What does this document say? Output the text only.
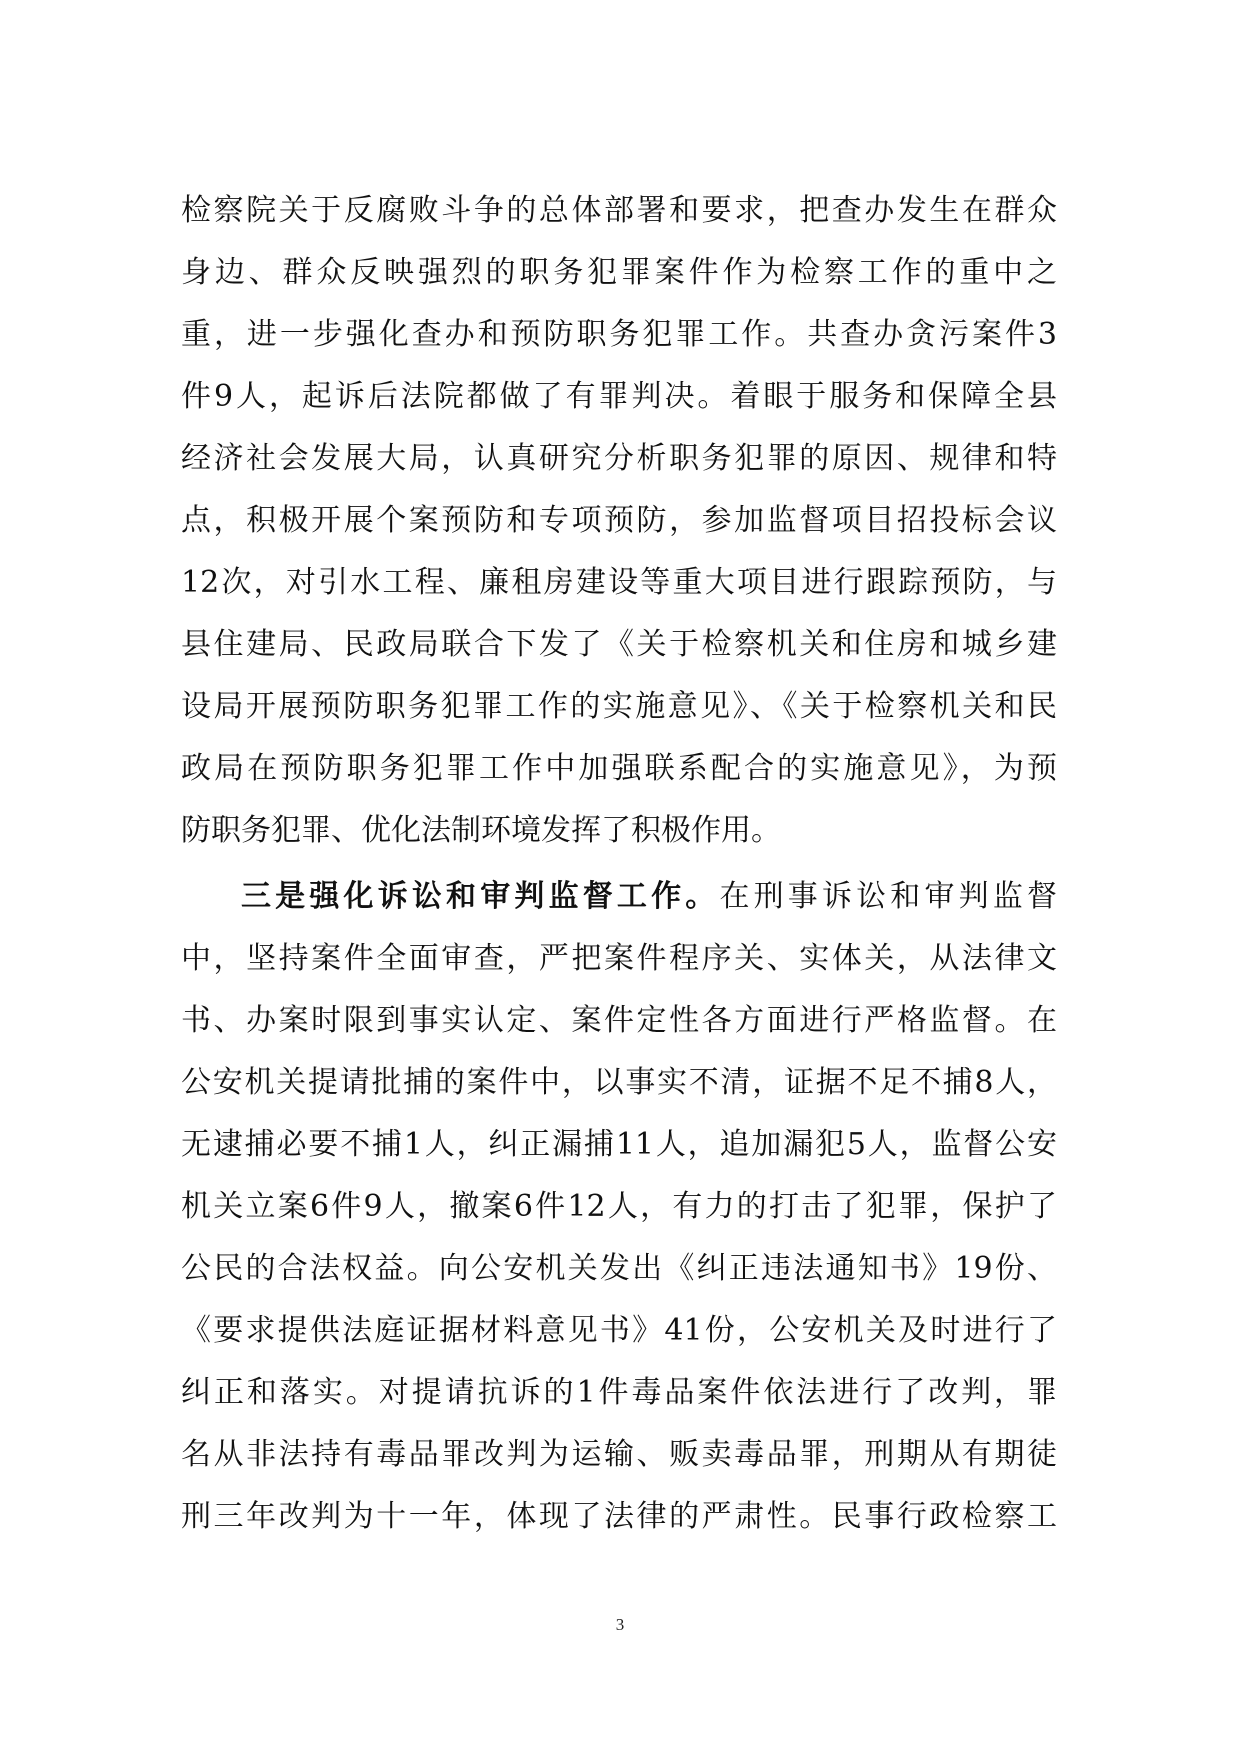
检察院关于反腐败斗争的总体部署和要求，把查办发生在群众
身边、群众反映强烈的职务犯罪案件作为检察工作的重中之
重，进一步强化查办和预防职务犯罪工作。共查办贪污案件3
件9人，起诉后法院都做了有罪判决。着眼于服务和保障全县
经济社会发展大局，认真研究分析职务犯罪的原因、规律和特
点，积极开展个案预防和专项预防，参加监督项目招投标会议
12次，对引水工程、廉租房建设等重大项目进行跟踪预防，与
县住建局、民政局联合下发了《关于检察机关和住房和城乡建
设局开展预防职务犯罪工作的实施意见》、《关于检察机关和民
政局在预防职务犯罪工作中加强联系配合的实施意见》，为预
防职务犯罪、优化法制环境发挥了积极作用。
三是强化诉讼和审判监督工作。在刑事诉讼和审判监督
中，坚持案件全面审查，严把案件程序关、实体关，从法律文
书、办案时限到事实认定、案件定性各方面进行严格监督。在
公安机关提请批捕的案件中，以事实不清，证据不足不捕8人，
无逮捕必要不捕1人，纠正漏捕11人，追加漏犯5人，监督公安
机关立案6件9人，撤案6件12人，有力的打击了犯罪，保护了
公民的合法权益。向公安机关发出《纠正违法通知书》19份、
《要求提供法庭证据材料意见书》41份，公安机关及时进行了
纠正和落实。对提请抗诉的1件毒品案件依法进行了改判，罪
名从非法持有毒品罪改判为运输、贩卖毒品罪，刑期从有期徒
刑三年改判为十一年，体现了法律的严肃性。民事行政检察工
3
